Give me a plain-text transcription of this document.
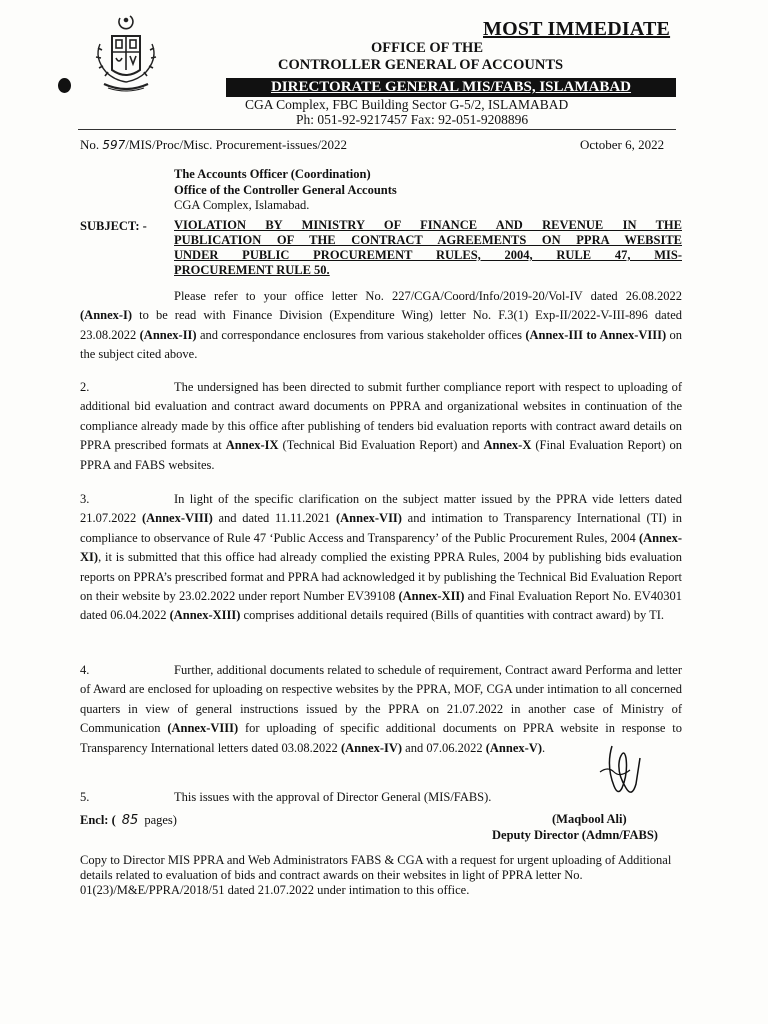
MOST IMMEDIATE
OFFICE OF THE
CONTROLLER GENERAL OF ACCOUNTS
DIRECTORATE GENERAL MIS/FABS, ISLAMABAD
CGA Complex, FBC Building Sector G-5/2, ISLAMABAD
Ph: 051-92-9217457 Fax: 92-051-9208896
No. 597/MIS/Proc/Misc. Procurement-issues/2022	October 6, 2022
The Accounts Officer (Coordination)
Office of the Controller General Accounts
CGA Complex, Islamabad.
SUBJECT: - VIOLATION BY MINISTRY OF FINANCE AND REVENUE IN THE
PUBLICATION OF THE CONTRACT AGREEMENTS ON PPRA WEBSITE
UNDER PUBLIC PROCUREMENT RULES, 2004, RULE 47, MIS-
PROCUREMENT RULE 50.
Please refer to your office letter No. 227/CGA/Coord/Info/2019-20/Vol-IV dated 26.08.2022 (Annex-I) to be read with Finance Division (Expenditure Wing) letter No. F.3(1) Exp-II/2022-V-III-896 dated 23.08.2022 (Annex-II) and correspondance enclosures from various stakeholder offices (Annex-III to Annex-VIII) on the subject cited above.
2.	The undersigned has been directed to submit further compliance report with respect to uploading of additional bid evaluation and contract award documents on PPRA and organizational websites in continuation of the compliance already made by this office after publishing of tenders bid evaluation reports with contract award details on PPRA prescribed formats at Annex-IX (Technical Bid Evaluation Report) and Annex-X (Final Evaluation Report) on PPRA and FABS websites.
3.	In light of the specific clarification on the subject matter issued by the PPRA vide letters dated 21.07.2022 (Annex-VIII) and dated 11.11.2021 (Annex-VII) and intimation to Transparency International (TI) in compliance to observance of Rule 47 ‘Public Access and Transparency’ of the Public Procurement Rules, 2004 (Annex-XI), it is submitted that this office had already complied the existing PPRA Rules, 2004 by publishing bids evaluation reports on PPRA’s prescribed format and PPRA had acknowledged it by publishing the Technical Bid Evaluation Report on their website by 23.02.2022 under report Number EV39108 (Annex-XII) and Final Evaluation Report No. EV40301 dated 06.04.2022 (Annex-XIII) comprises additional details required (Bills of quantities with contract award) by TI.
4.	Further, additional documents related to schedule of requirement, Contract award Performa and letter of Award are enclosed for uploading on respective websites by the PPRA, MOF, CGA under intimation to all concerned quarters in view of general instructions issued by the PPRA on 21.07.2022 in another case of Ministry of Communication (Annex-VIII) for uploading of specific additional documents on PPRA website in response to Transparency International letters dated 03.08.2022 (Annex-IV) and 07.06.2022 (Annex-V).
5.	This issues with the approval of Director General (MIS/FABS).
Encl: ( 85 pages)	(Maqbool Ali)
Deputy Director (Admn/FABS)
Copy to Director MIS PPRA and Web Administrators FABS & CGA with a request for urgent uploading of Additional details related to evaluation of bids and contract awards on their websites in light of PPRA letter No. 01(23)/M&E/PPRA/2018/51 dated 21.07.2022 under intimation to this office.
